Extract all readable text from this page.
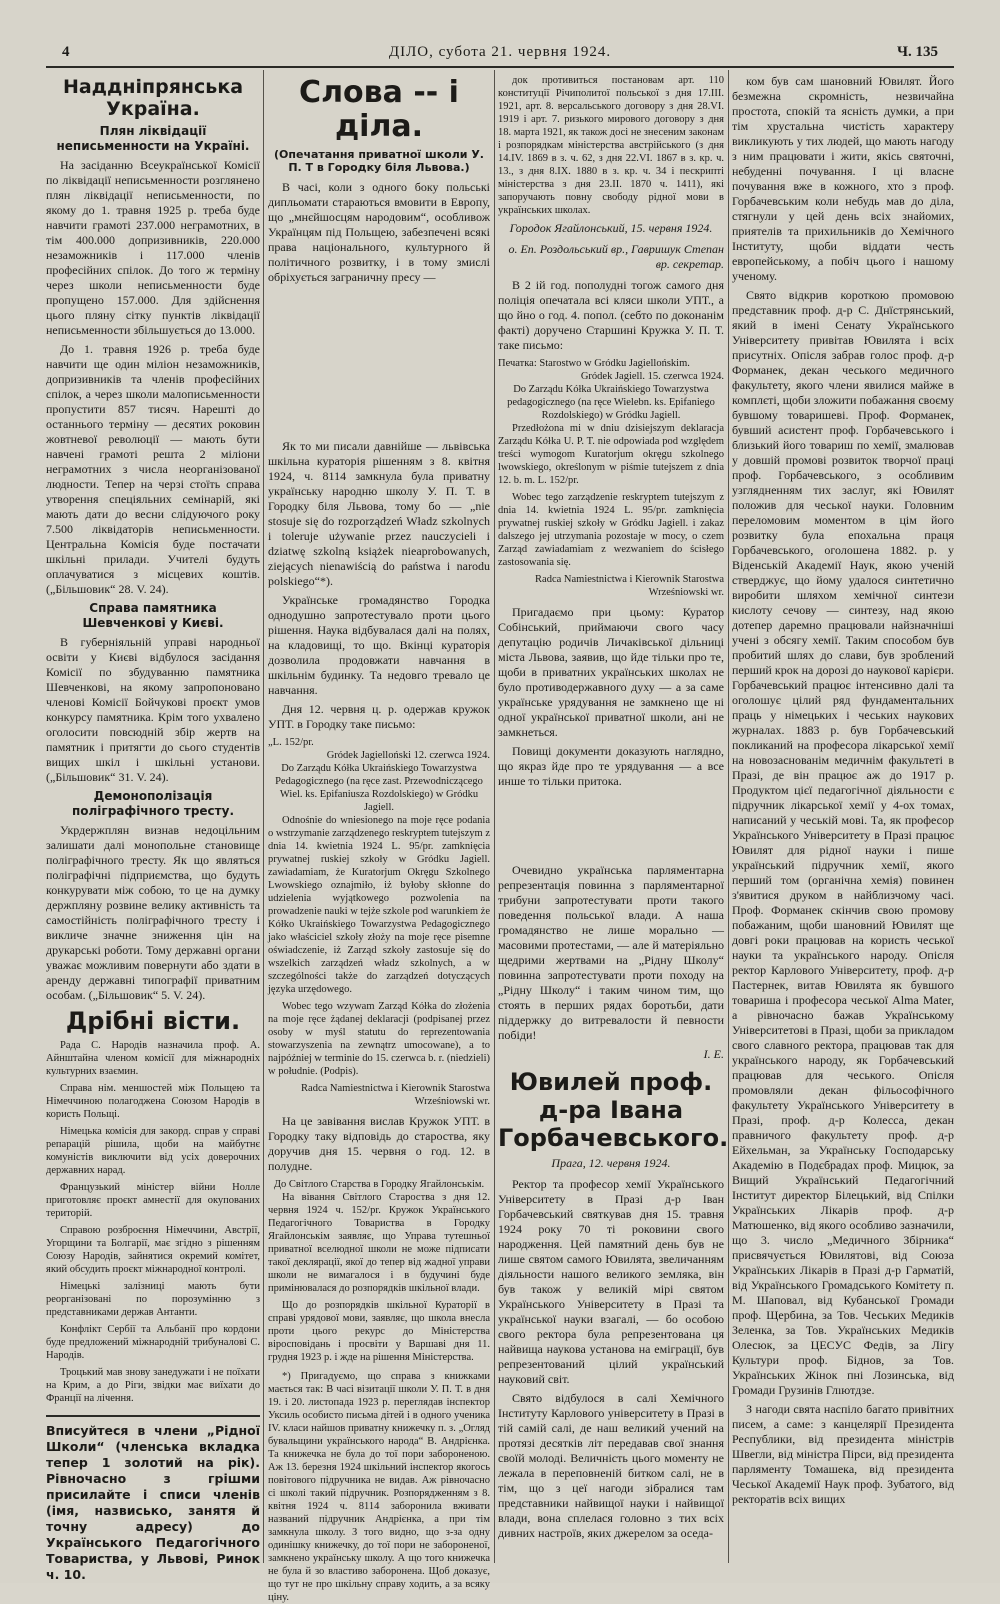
4	ДІЛО, субота 21. червня 1924.	Ч. 135
Наддніпрянська Україна.
Плян ліквідації неписьменности на Україні.

На засіданню Всеукраїнської Комісії по ліквідації неписьменности розглянено плян ліквідації неписьменности, по якому до 1. травня 1925 р. треба буде навчити грамоті 237.000 неграмотних, в тім 400.000 допризивників, 220.000 незаможників і 117.000 членів професійних спілок. До того ж терміну через школи неписьменности буде пропущено 157.000. Для здійснення цього пляну сітку пунктів ліквідації неписьменности збільшується до 13.000.

До 1. травня 1926 р. треба буде навчити ще один міліон незаможників, допризивників та членів професійних спілок, а через школи малописьменности пропустити 857 тисяч. Нарешті до останнього терміну — десятих роковин жовтневої революції — мають бути навчені грамоті решта 2 міліони неграмотних з числа неорганізованої людности. Тепер на черзі стоїть справа утворення спеціяльних семінарій, які мають дати до весни слідуючого року 7.500 ліквідаторів неписьменности. Центральна Комісія буде постачати шкільні прилади. Учителі будуть оплачуватися з місцевих коштів. („Більшовик“ 28. V. 24).

Справа памятника Шевченкові у Києві.

В губерніяльній управі народньої освіти у Києві відбулося засідання Комісії по збудуванню памятника Шевченкові, на якому запропоновано членові Комісії Бойчукові проєкт умов конкурсу памятника. Крім того ухвалено оголосити повсюдній збір жертв на памятник і притягти до сього студентів вищих шкіл і шкільні установи. („Більшовик“ 31. V. 24).

Демонополізація поліграфічного тресту.

Укрдержплян визнав недоцільним залишати далі монопольне становище поліграфічного тресту. Як що являться поліграфічні підприємства, що будуть конкурувати між собою, то це на думку держпляну розвине велику активність та самостійність поліграфічного тресту і викличе значне зниження цін на друкарські роботи. Тому державні органи уважає можливим повернути або здати в аренду державні типографії приватним особам. („Більшовик“ 5. V. 24).

Дрібні вісти.

Рада С. Народів назначила проф. А. Айнштайна членом комісії для міжнародніх культурних взаємин.

Справа нім. меншостей між Польщею та Німеччиною полагоджена Союзом Народів в користь Польщі.

Німецька комісія для закорд. справ у справі репарацій рішила, щоби на майбутнє комуністів виключити від усіх доверочних державних нарад.

Французький міністер війни Нолле приготовляє проєкт амнестії для окупованих територій.

Справою розброєння Німеччини, Австрії, Угорщини та Болгарії, має згідно з рішенням Союзу Народів, зайнятися окремий комітет, який обсудить проєкт міжнародної контролі.

Німецькі залізниці мають бути реорганізовані по порозумінню з представниками держав Антанти.

Конфлікт Сербії та Альбанії про кордони буде предложений міжнародній трибуналові С. Народів.

Троцький мав знову занедужати і не поїхати на Крим, а до Ріги, звідки має виїхати до Франції на лічення.

Вписуйтеся в члени „Рідної Школи“ (членська вкладка тепер 1 золотий на рік). Рівночасно з грішми присилайте і списи членів (імя, назвисько, занятя й точну адресу) до Українського Педагогічного Товариства, у Львові, Ринок ч. 10.
Слова -- і діла.
(Опечатання приватної школи У. П. Т в Городку біля Львова.)

В часі, коли з одного боку польські дипльомати стараються вмовити в Европу, що „мнєйшосцям народовим“, особливож Українцям під Польщею, забезпечені всякі права національного, культурного й політичного розвитку, і в тому змислі обріхується заграничну пресу —

Як то ми писали давнійше — львівська шкільна кураторія рішенням з 8. квітня 1924, ч. 8114 замкнула була приватну українську народню школу У. П. Т. в Городку біля Львова, тому бо — „nie stosuje się do rozporządzeń Władz szkolnych i toleruje używanie przez nauczycieli i dziatwę szkolną książek nieaprobowanych, ziejących nienawiścią do państwa i narodu polskiego“*).

Українське громадянство Городка однодушно запротестувало проти цього рішення. Наука відбувалася далі на полях, на кладовищі, то що. Вкінці кураторія дозволила продовжати навчання в шкільнім будинку. Та недовго тревало це навчання.

Дня 12. червня ц. р. одержав кружок УПТ. в Городку таке письмо:

„L. 152/pr.
Gródek Jagielloński 12. czerwca 1924.
Do Zarządu Kółka Ukraińskiego Towarzystwa Pedagogicznego (na ręce zast. Przewodniczącego Wiel. ks. Epifaniusza Rozdolskiego) w Gródku Jagiell.

Odnośnie do wniesionego na moje ręce podania o wstrzymanie zarządzenego reskryptem tutejszym z dnia 14. kwietnia 1924 L. 95/pr. zamknięcia prywatnej ruskiej szkoły w Gródku Jagiell. zawiadamiam, że Kuratorjum Okręgu Szkolnego Lwowskiego oznajmiło, iż byłoby skłonne do udzielenia wyjątkowego pozwolenia na prowadzenie nauki w tejże szkole pod warunkiem że Kółko Ukraińskiego Towarzystwa Pedagogicznego jako właściciel szkoły złoży na moje ręce pisemne oświadczenie, iż Zarząd szkoły zastosuje się do wszelkich zarządzeń władz szkolnych, a w szczególności także do zarządzeń dotyczących języka urzędowego.

Wobec tego wzywam Zarząd Kółka do złożenia na moje ręce żądanej deklaracji (podpisanej przez osoby w myśl statutu do reprezentowania stowarzyszenia na zewnątrz umocowane), a to najpóźniej w terminie do 15. czerwca b. r. (niedzieli) w południe. (Podpis).

Radca Namiestnictwa i Kierownik Starostwa Wrześniowski wr.

На це завівання вислав Кружок УПТ. в Городку таку відповідь до староства, яку доручив дня 15. червня о год. 12. в полудне.

До Світлого Старства в Городку Ягайлонськім.

На вівання Світлого Староства з дня 12. червня 1924 ч. 152/pr. Кружок Українського Педагогічного Товариства в Городку Ягайлонськім заявляє, що Управа тутешньої приватної вселюдної школи не може підписати такої деклярації, якої до тепер від жадної управи школи не вимагалося і в будучині буде примінювалася до розпорядків шкільної влади.

Що до розпорядків шкільної Кураторії в справі урядової мови, заявляє, що школа внесла проти цього рекурс до Міністерства віросповідань і просвіти у Варшаві дня 11. грудня 1923 р. і ждe на рішення Міністерства.

*) Пригадуємо, що справа з книжками мається так: В часі візитації школи У. П. Т. в дня 19. і 20. листопада 1923 р. переглядав інспектор Уксиль особисто письма дітей і в одного ученика IV. класи найшов приватну книжечку п. з. „Огляд бувальщини українського народа“ В. Андрієнка. Та книжечка не була до тої пори забороненою. Аж 13. березня 1924 шкільний інспектор якогось повітового підручника не видав. Аж рівночасно сі школі такий підручник. Розпорядженням з 8. квітня 1924 ч. 8114 заборонила вживати названий підручник Андрієнка, а при тім замкнула школу. З того видно, що з-за одну одинішку книжечку, до тої пори не забороненої, замкнено українську школу. А що того книжечка не була й зо властиво заборонена. Щоб доказує, що тут не про шкільну справу ходить, а за всяку ціну.

док противиться постановам арт. 110 конституції Річиполитої польської з дня 17.III. 1921, арт. 8. версальського договору з дня 28.VI. 1919 і арт. 7. ризького мирового договору з дня 18. марта 1921, як також досі не знесеним законам і розпорядкам міністерства австрійського (з дня 14.IV. 1869 в з. ч. 62, з дня 22.VI. 1867 в з. кр. ч. 13., з дня 8.IX. 1880 в з. кр. ч. 34 і пескрипті міністерства з дня 23.II. 1870 ч. 1411), які запоручають повну свободу рідної мови в українських школах.

Городок Ягайлонський, 15. червня 1924.
о. Еп. Роздольський вр., Гавришук Степан вр. секретар.

В 2 ій год. пополудні тогож самого дня поліція опечатала всі кляси школи УПТ., а що йно о год. 4. попол. (себто по доконанім факті) доручено Старшині Кружка У. П. Т. таке письмо:

Печатка: Starostwo w Gródku Jagiellońskim.
Gródek Jagiell. 15. czerwca 1924.
Do Zarządu Kółka Ukraińskiego Towarzystwa pedagogicznego (na ręce Wielebn. ks. Epifaniego Rozdolskiego) w Gródku Jagiell.

Przedłożona mi w dniu dzisiejszym deklaracja Zarządu Kółka U. P. T. nie odpowiada pod względem treści wymogom Kuratorjum okręgu szkolnego lwowskiego, określonym w piśmie tutejszem z dnia 12. b. m. L. 152/pr.

Wobec tego zarządzenie reskryptem tutejszym z dnia 14. kwietnia 1924 L. 95/pr. zamknięcia prywatnej ruskiej szkoły w Gródku Jagiell. i zakaz dalszego jej utrzymania pozostaje w mocy, o czem Zarząd zawiadamiam z wezwaniem do ścisłego zastosowania się.

Radca Namiestnictwa i Kierownik Starostwa Wrześniowski wr.

Пригадаємо при цьому: Куратор Собінський, приймаючи свого часу депутацію родичів Личаківської дільниці міста Львова, заявив, що йде тільки про те, щоби в приватних українських школах не було противодержавного духу — а за саме українське урядування не замкнено ще ні одної української приватної школи, ані не замкнеться.

Повищі документи доказують наглядно, що якраз йде про те урядування — а все инше то тільки притока.

Очевидно українська парляментарна репрезентація повинна з парляментарної трибуни запротестувати проти такого поведення польської влади. А наша громадянство не лише морально — масовими протестами, — але й матеріяльно щедрими жертвами на „Рідну Школу“ повинна запротестувати проти походу на „Рідну Школу“ і таким чином тим, що стоять в перших рядах боротьби, дати піддержку до витревалости й певности побіди!

І. Е.
Ювилей проф. д-ра Івана Горбачевського.
Прага, 12. червня 1924.

Ректор та професор хемії Українського Університету в Празі д-р Іван Горбачевський святкував дня 15. травня 1924 року 70 ті роковини свого народження. Цей памятний день був не лише святом самого Ювилята, звеличанням діяльности нашого великого земляка, він був також у великій мірі святом Українського Університету в Празі та української науки взагалі, — бо особою свого ректора була репрезентована ця найвища наукова установа на еміграції, був репрезентований цілий український науковий світ.

Свято відбулося в салі Хемічного Інституту Карлового університету в Празі в тій самій салі, де наш великий учений на протязі десятків літ передавав свої знання своїй молоді. Величність цього моменту не лежала в переповненій битком салі, не в тім, що з цеї нагоди зібралися там представники найвищої науки і найвищої влади, вона сплелася головно з тих всіх дивних настроїв, яких джерелом за оседа-

ком був сам шановний Ювилят. Його безмежна скромність, незвичайна простота, спокій та ясність думки, а при тім хрустальна чистість характеру викликують у тих людей, що мають нагоду з ним працювати і жити, якісь святочні, небуденні почування. І ці власне почування вже в кожного, хто з проф. Горбачевським коли небудь мав до діла, стягнули у цей день всіх знайомих, приятелів та прихильників до Хемічного Інституту, щоби віддати честь европейському, а побіч цього і нашому ученому.

Свято відкрив короткою промовою представник проф. д-р С. Днїстрянський, який в імені Сенату Українського Університету привітав Ювилята і всіх присутніх. Опісля забрав голос проф. д-р Форманек, декан чеського медичного факультету, якого члени явилися майже в комплєті, щоби зложити побажання своєму бувшому товаришеві. Проф. Форманек, бувший асистент проф. Горбачевського і близький його товариш по хемії, змалював у довшій промові розвиток творчої праці проф. Горбачевського, з особливим узглядненням тих заслуг, які Ювилят положив для чеської науки. Головним переломовим моментом в цім його розвитку була епохальна праця Горбачевського, оголошена 1882. р. у Віденській Академії Наук, якою ученій стверджує, що йому удалося синтетично виробити шляхом хемічної синтези кислоту сечову — синтезу, над якою дотепер даремно працювали найзначніші учені з обсягу хемії. Таким способом був пробитий шлях до слави, був зроблений перший крок на дорозі до наукової карієри. Горбачевський працює інтенсивно далі та оголошує цілий ряд фундаментальних праць у німецьких і чеських наукових журналах. 1883 р. був Горбачевський покликаний на професора лікарської хемії на новозаснованім медичнім факультеті в Празі, де він працює аж до 1917 р. Продуктом цієї педагогічної діяльности є підручник лікарської хемії у 4-ох томах, написаний у чеській мові. Та, як професор Українського Університету в Празі працює Ювилят для рідної науки і пише український підручник хемії, якого перший том (органічна хемія) повинен з'явитися друком в найблизчому часі. Проф. Форманек скінчив свою промову побажаним, щоби шановний Ювилят ще довгі роки працював на користь чеської науки та українського народу. Опісля ректор Карлового Університету, проф. д-р Пастернек, витав Ювилята як бувшого товариша і професора чеської Alma Mater, а рівночасно бажав Українському Університетові в Празі, щоби за прикладом свого славного ректора, працював так для українського народу, як Горбачевський працював для чеського. Опісля промовляли декан фільософічного факультету Українського Університету в Празі, проф. д-р Колесса, декан правничого факультету проф. д-р Ейхельман, за Українську Господарську Академію в Подєбрадах проф. Мицюк, за Вищий Український Педагогічний Інститут директор Білецький, від Спілки Українських Лікарів проф. д-р Матюшенко, від якого особливо зазначили, що 3. число „Медичного Збірника“ присвячується Ювилятові, від Союза Українських Лікарів в Празі д-р Гарматій, від Українського Громадського Комітету п. М. Шаповал, від Кубанської Громади проф. Щербина, за Тов. Чеських Медиків Зеленка, за Тов. Українських Медиків Олесюк, за ЦЕСУС Федів, за Лігу Культури проф. Біднов, за Тов. Українських Жінок пні Лозинська, від Громади Грузинів Глıютдзе.

З нагоди свята наспіло багато привітних писем, а саме: з канцелярії Президента Республики, від президента міністрів Швегли, від міністра Пірси, від президента парляменту Томашека, від президента Чеської Академії Наук проф. Зубатого, від ректоратів всіх вищих
